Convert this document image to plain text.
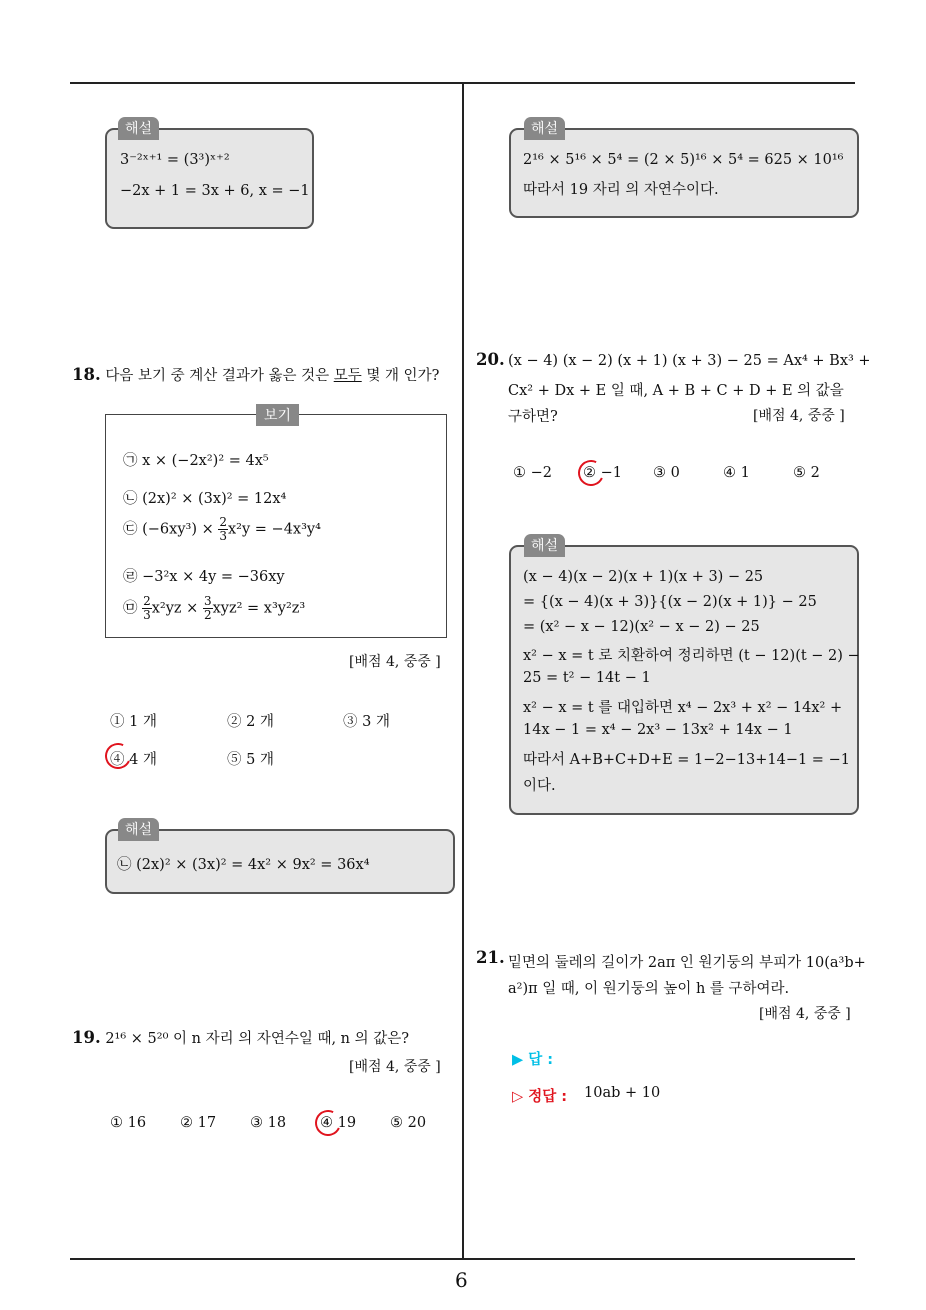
6
3⁻²ˣ⁺¹ = (3³)ˣ⁺²
−2x + 1 = 3x + 6, x = −1
해설
18. 다음 보기 중 계산 결과가 옳은 것은 모두 몇 개 인가?
보기
㉠ x × (−2x²)² = 4x⁵
㉡ (2x)² × (3x)² = 12x⁴
㉢ $(-6xy^3) \times \frac{2}{3} x^2y = -4x^3y^4$
㉣ −3²x × 4y = −36xy
㉤ $\frac{2}{3} x^2yz \times \frac{3}{2} xyz^2 = x^3y^2z^3$
[배점 4, 중중 ]
① 1 개	② 2 개	③ 3 개
④ 4 개	⑤ 5 개
㉡ (2x)² × (3x)² = 4x² × 9x² = 36x⁴
해설
19. 2¹⁶ × 5²⁰ 이 n 자리 의 자연수일 때, n 의 값은?
[배점 4, 중중 ]
① 16 ② 17 ③ 18 ④ 19 ⑤ 20
2¹⁶ × 5¹⁶ × 5⁴ = (2 × 5)¹⁶ × 5⁴ = 625 × 10¹⁶
따라서 19 자리 의 자연수이다.
해설
20. (x − 4) (x − 2) (x + 1) (x + 3) − 25 = Ax⁴ + Bx³ +
Cx² + Dx + E 일 때, A + B + C + D + E 의 값을
구하면?	[배점 4, 중중 ]
① −2 ② −1 ③ 0	④ 1	⑤ 2
(x − 4)(x − 2)(x + 1)(x + 3) − 25
= {(x − 4)(x + 3)}{(x − 2)(x + 1)} − 25
= (x² − x − 12)(x² − x − 2) − 25
x² − x = t 로 치환하여 정리하면 (t − 12)(t − 2) −
25 = t² − 14t − 1
x² − x = t 를 대입하면 x⁴ − 2x³ + x² − 14x² +
14x − 1 = x⁴ − 2x³ − 13x² + 14x − 1
따라서 A+B+C+D+E = 1−2−13+14−1 = −1
이다.
해설
21. 밑면의 둘레의 길이가 2aπ 인 원기둥의 부피가 10(a³b+
a²)π 일 때, 이 원기둥의 높이 h 를 구하여라.
[배점 4, 중중 ]
▶ 답 :
▷ 정답 : 10ab + 10
